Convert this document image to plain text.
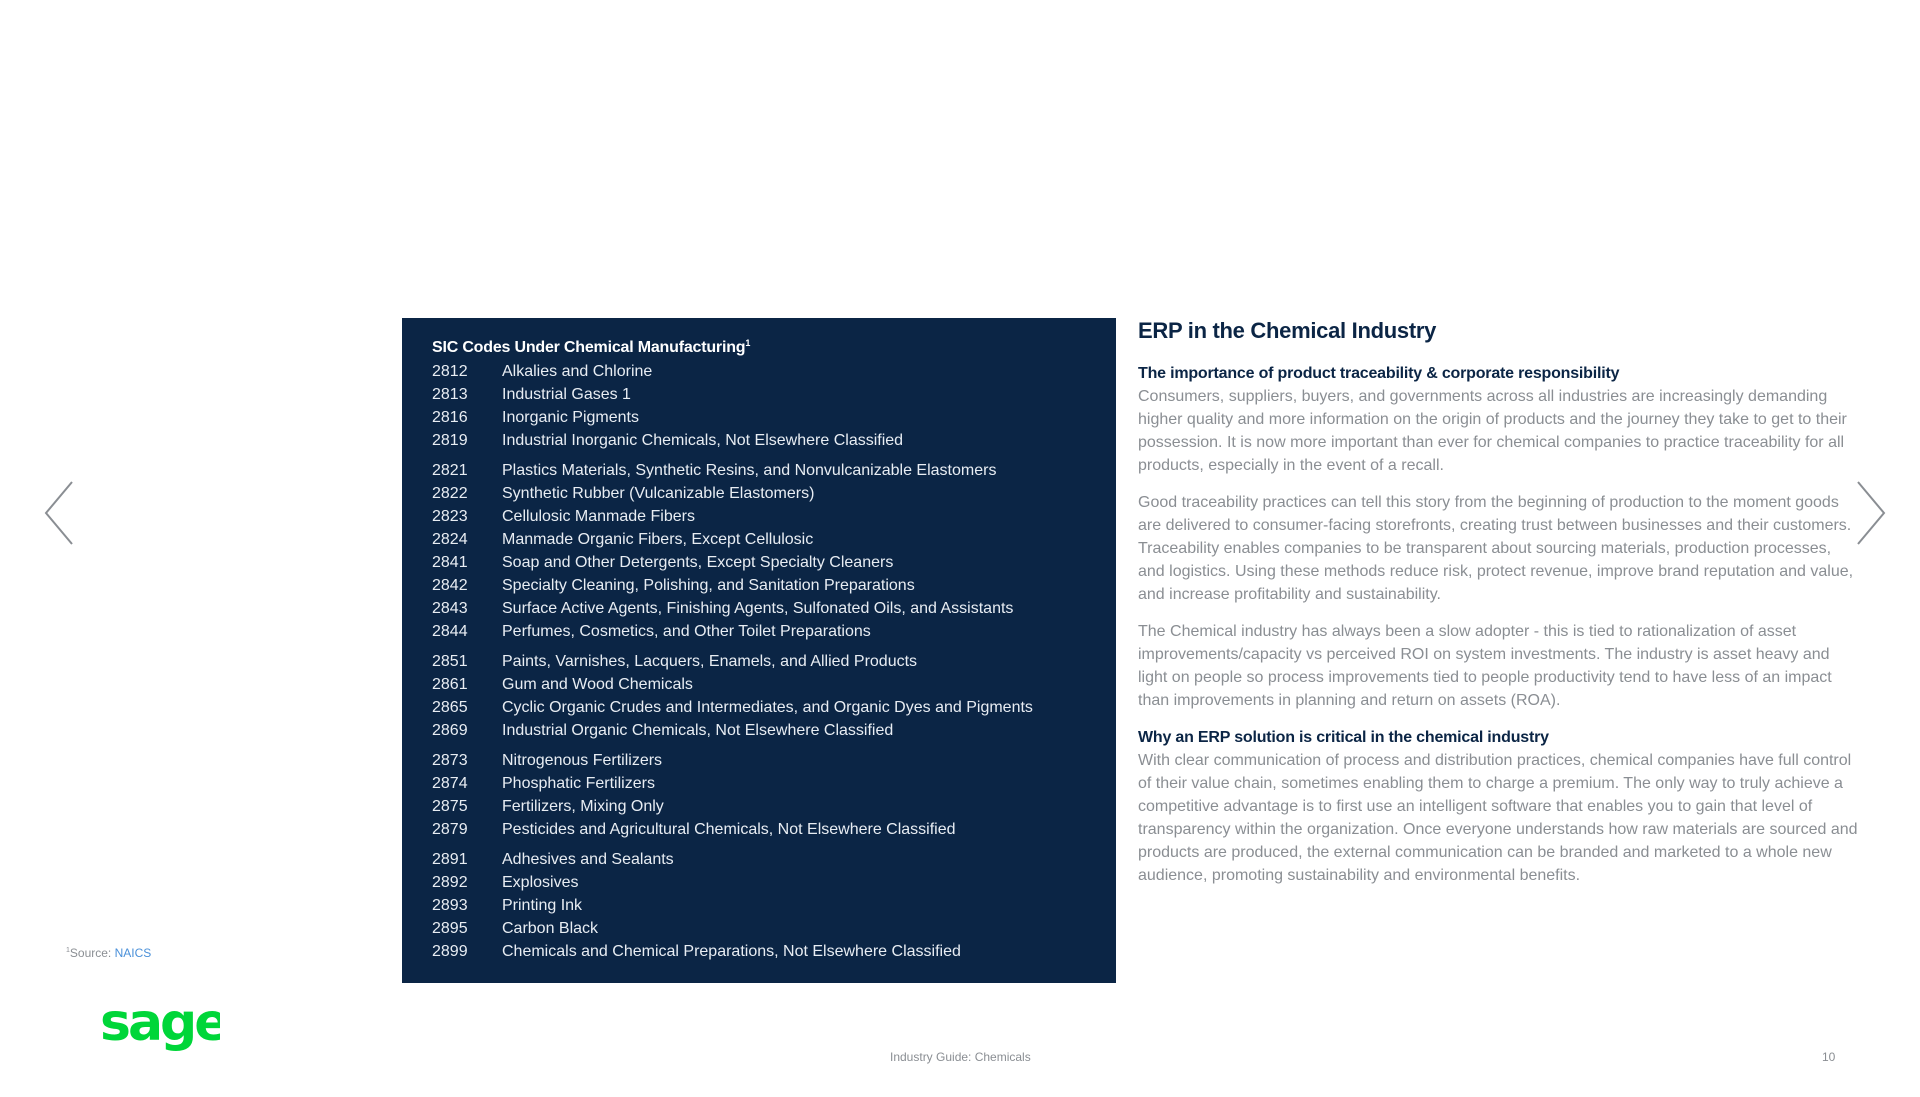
SIC Codes Under Chemical Manufacturing$^1$
2812	Alkalies and Chlorine
2813	Industrial Gases 1
2816	Inorganic Pigments
2819	Industrial Inorganic Chemicals, Not Elsewhere Classified
2821	Plastics Materials, Synthetic Resins, and Nonvulcanizable Elastomers
2822	Synthetic Rubber (Vulcanizable Elastomers)
2823	Cellulosic Manmade Fibers
2824	Manmade Organic Fibers, Except Cellulosic
2841	Soap and Other Detergents, Except Specialty Cleaners
2842	Specialty Cleaning, Polishing, and Sanitation Preparations
2843	Surface Active Agents, Finishing Agents, Sulfonated Oils, and Assistants
2844	Perfumes, Cosmetics, and Other Toilet Preparations
2851	Paints, Varnishes, Lacquers, Enamels, and Allied Products
2861	Gum and Wood Chemicals
2865	Cyclic Organic Crudes and Intermediates, and Organic Dyes and Pigments
2869	Industrial Organic Chemicals, Not Elsewhere Classified
2873	Nitrogenous Fertilizers
2874	Phosphatic Fertilizers
2875	Fertilizers, Mixing Only
2879	Pesticides and Agricultural Chemicals, Not Elsewhere Classified
2891	Adhesives and Sealants
2892	Explosives
2893	Printing Ink
2895	Carbon Black
2899	Chemicals and Chemical Preparations, Not Elsewhere Classified
ERP in the Chemical Industry
The importance of product traceability & corporate responsibility

Consumers, suppliers, buyers, and governments across all industries are increasingly demanding higher quality and more information on the origin of products and the journey they take to get to their possession. It is now more important than ever for chemical companies to practice traceability for all products, especially in the event of a recall.

Good traceability practices can tell this story from the beginning of production to the moment goods are delivered to consumer-facing storefronts, creating trust between businesses and their customers. Traceability enables companies to be transparent about sourcing materials, production processes, and logistics. Using these methods reduce risk, protect revenue, improve brand reputation and value, and increase profitability and sustainability.

The Chemical industry has always been a slow adopter - this is tied to rationalization of asset improvements/capacity vs perceived ROI on system investments. The industry is asset heavy and light on people so process improvements tied to people productivity tend to have less of an impact than improvements in planning and return on assets (ROA).

Why an ERP solution is critical in the chemical industry

With clear communication of process and distribution practices, chemical companies have full control of their value chain, sometimes enabling them to charge a premium. The only way to truly achieve a competitive advantage is to first use an intelligent software that enables you to gain that level of transparency within the organization. Once everyone understands how raw materials are sourced and products are produced, the external communication can be branded and marketed to a whole new audience, promoting sustainability and environmental benefits.

$^1$Source: NAICS
sage
Industry Guide: Chemicals	10
